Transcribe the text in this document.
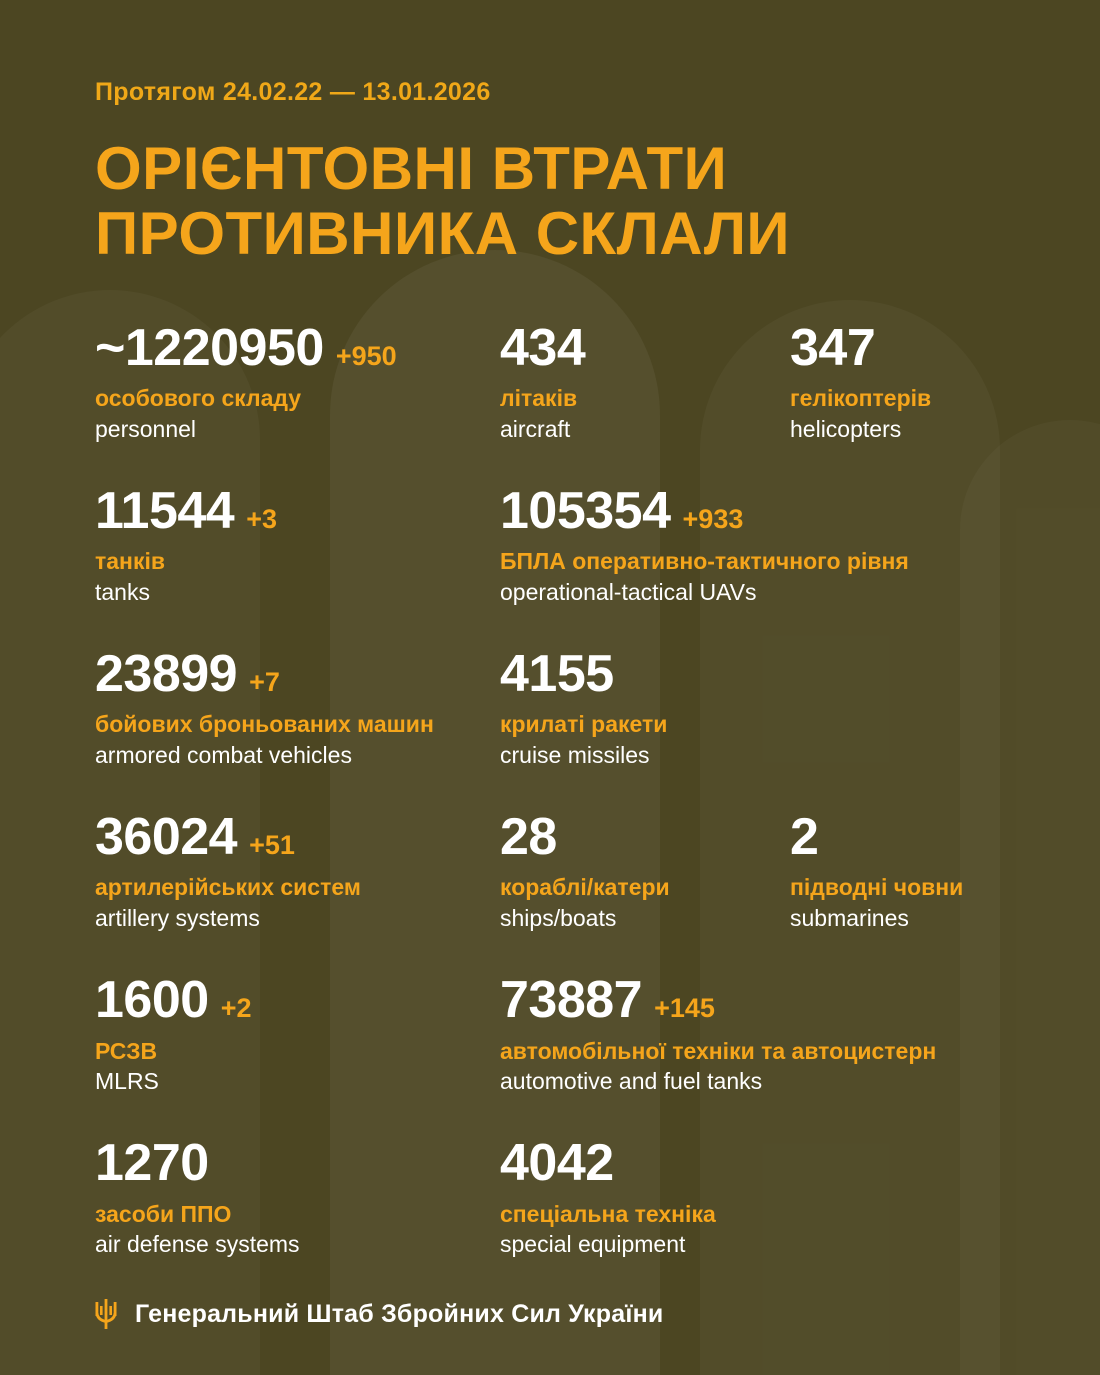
Протягом 24.02.22 — 13.01.2026
ОРІЄНТОВНІ ВТРАТИ
ПРОТИВНИКА СКЛАЛИ
~1220950 +950
особового складу
personnel
434
літаків
aircraft
347
гелікоптерів
helicopters
11544 +3
танків
tanks
105354 +933
БПЛА оперативно-тактичного рівня
operational-tactical UAVs
23899 +7
бойових броньованих машин
armored combat vehicles
4155
крилаті ракети
cruise missiles
36024 +51
артилерійських систем
artillery systems
28
кораблі/катери
ships/boats
2
підводні човни
submarines
1600 +2
РСЗВ
MLRS
73887 +145
автомобільної техніки та автоцистерн
automotive and fuel tanks
1270
засоби ППО
air defense systems
4042
спеціальна техніка
special equipment
Генеральний Штаб Збройних Сил України
